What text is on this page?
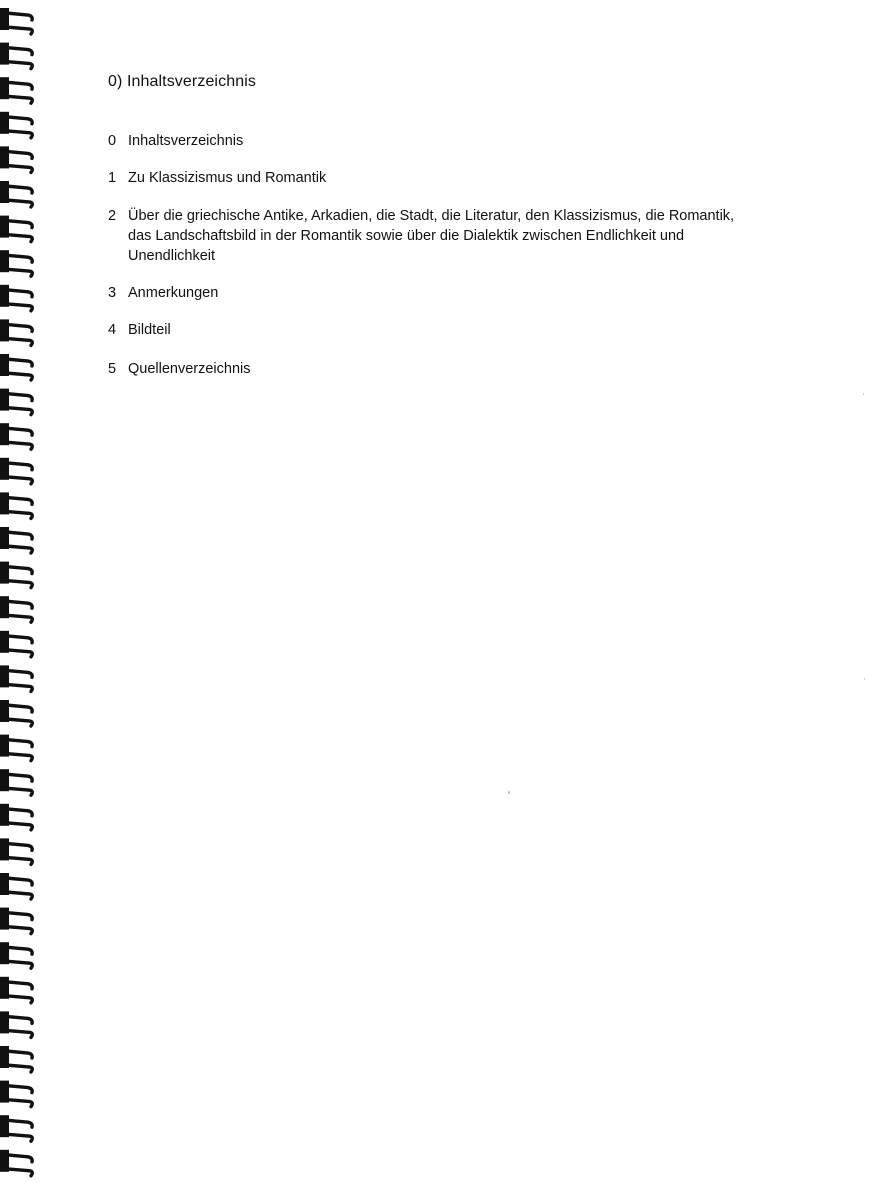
0) Inhaltsverzeichnis
0 Inhaltsverzeichnis
1 Zu Klassizismus und Romantik
2 Über die griechische Antike, Arkadien, die Stadt, die Literatur, den Klassizismus, die Romantik, das Landschaftsbild in der Romantik sowie über die Dialektik zwischen Endlichkeit und Unendlichkeit
3 Anmerkungen
4 Bildteil
5 Quellenverzeichnis
